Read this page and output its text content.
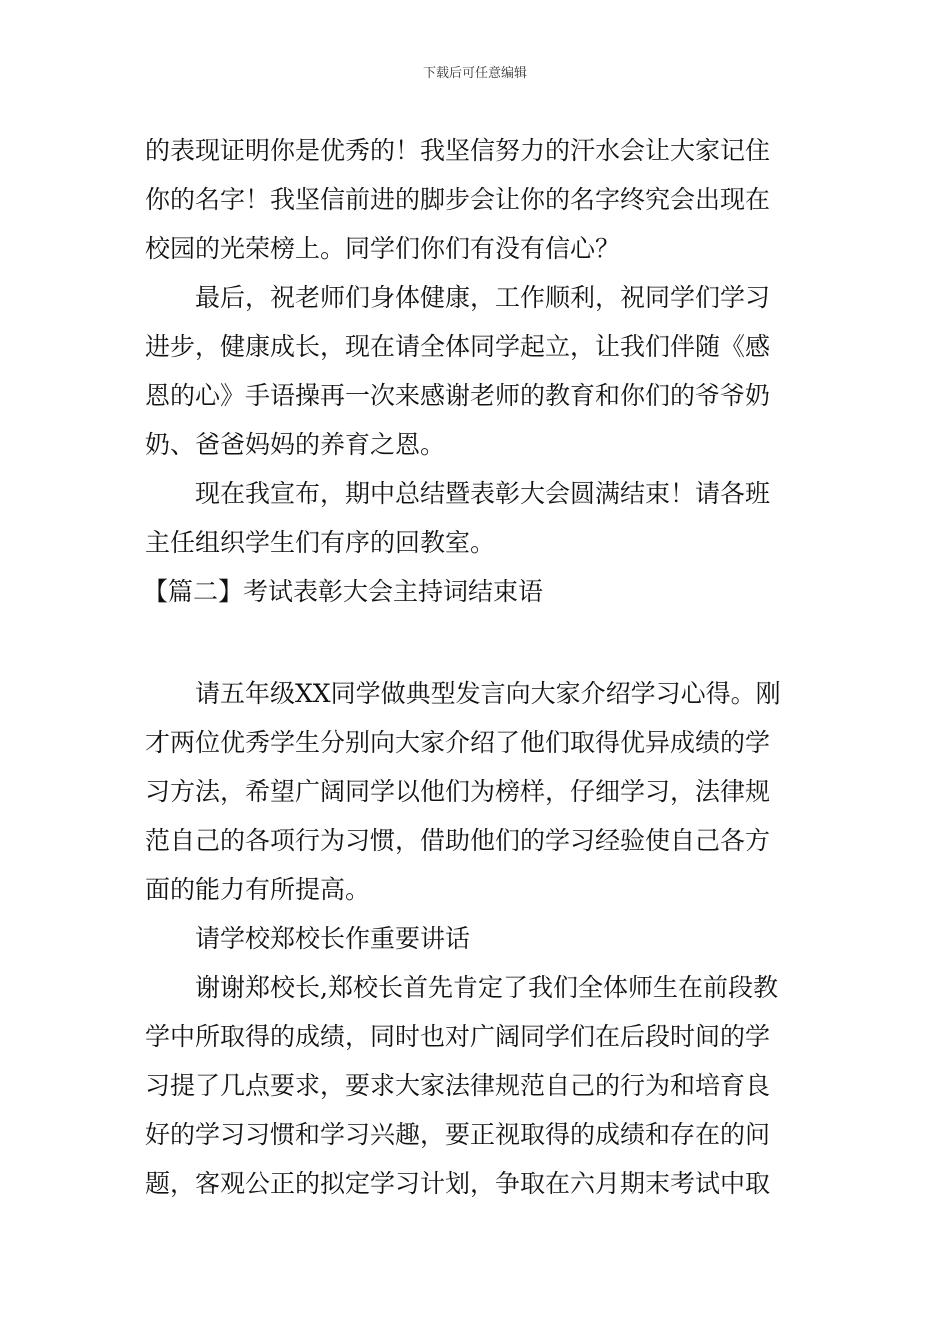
下载后可任意编辑
的表现证明你是优秀的！我坚信努力的汗水会让大家记住
你的名字！我坚信前进的脚步会让你的名字终究会出现在
校园的光荣榜上。同学们你们有没有信心？
最后，祝老师们身体健康，工作顺利，祝同学们学习
进步，健康成长，现在请全体同学起立，让我们伴随《感
恩的心》手语操再一次来感谢老师的教育和你们的爷爷奶
奶、爸爸妈妈的养育之恩。
现在我宣布，期中总结暨表彰大会圆满结束！请各班
主任组织学生们有序的回教室。
【篇二】考试表彰大会主持词结束语
请五年级XX同学做典型发言向大家介绍学习心得。刚
才两位优秀学生分别向大家介绍了他们取得优异成绩的学
习方法，希望广阔同学以他们为榜样，仔细学习，法律规
范自己的各项行为习惯，借助他们的学习经验使自己各方
面的能力有所提高。
请学校郑校长作重要讲话
谢谢郑校长,郑校长首先肯定了我们全体师生在前段教
学中所取得的成绩，同时也对广阔同学们在后段时间的学
习提了几点要求，要求大家法律规范自己的行为和培育良
好的学习习惯和学习兴趣，要正视取得的成绩和存在的问
题，客观公正的拟定学习计划，争取在六月期末考试中取
